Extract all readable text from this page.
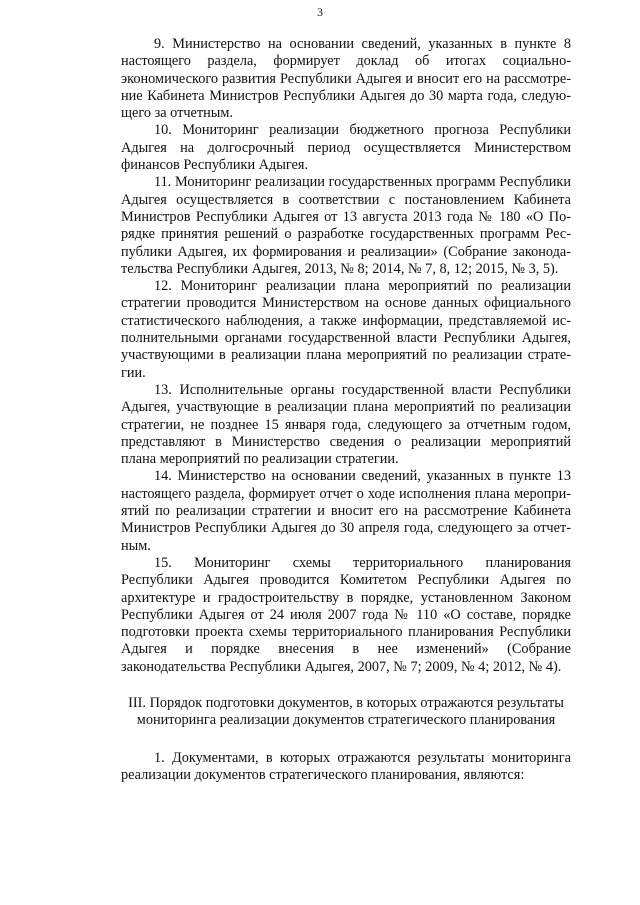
3

9. Министерство на основании сведений, указанных в пункте 8 настоящего раздела, формирует доклад об итогах социально-экономического развития Республики Адыгея и вносит его на рассмотрение Кабинета Министров Республики Адыгея до 30 марта года, следующего за отчетным.

10. Мониторинг реализации бюджетного прогноза Республики Адыгея на долгосрочный период осуществляется Министерством финансов Республики Адыгея.

11. Мониторинг реализации государственных программ Республики Адыгея осуществляется в соответствии с постановлением Кабинета Министров Республики Адыгея от 13 августа 2013 года № 180 «О Порядке принятия решений о разработке государственных программ Республики Адыгея, их формирования и реализации» (Собрание законодательства Республики Адыгея, 2013, № 8; 2014, № 7, 8, 12; 2015, № 3, 5).

12. Мониторинг реализации плана мероприятий по реализации стратегии проводится Министерством на основе данных официального статистического наблюдения, а также информации, представляемой исполнительными органами государственной власти Республики Адыгея, участвующими в реализации плана мероприятий по реализации стратегии.

13. Исполнительные органы государственной власти Республики Адыгея, участвующие в реализации плана мероприятий по реализации стратегии, не позднее 15 января года, следующего за отчетным годом, представляют в Министерство сведения о реализации мероприятий плана мероприятий по реализации стратегии.

14. Министерство на основании сведений, указанных в пункте 13 настоящего раздела, формирует отчет о ходе исполнения плана мероприятий по реализации стратегии и вносит его на рассмотрение Кабинета Министров Республики Адыгея до 30 апреля года, следующего за отчетным.

15. Мониторинг схемы территориального планирования Республики Адыгея проводится Комитетом Республики Адыгея по архитектуре и градостроительству в порядке, установленном Законом Республики Адыгея от 24 июля 2007 года № 110 «О составе, порядке подготовки проекта схемы территориального планирования Республики Адыгея и порядке внесения в нее изменений» (Собрание законодательства Республики Адыгея, 2007, № 7; 2009, № 4; 2012, № 4).

III. Порядок подготовки документов, в которых отражаются результаты
мониторинга реализации документов стратегического планирования

1. Документами, в которых отражаются результаты мониторинга реализации документов стратегического планирования, являются:
